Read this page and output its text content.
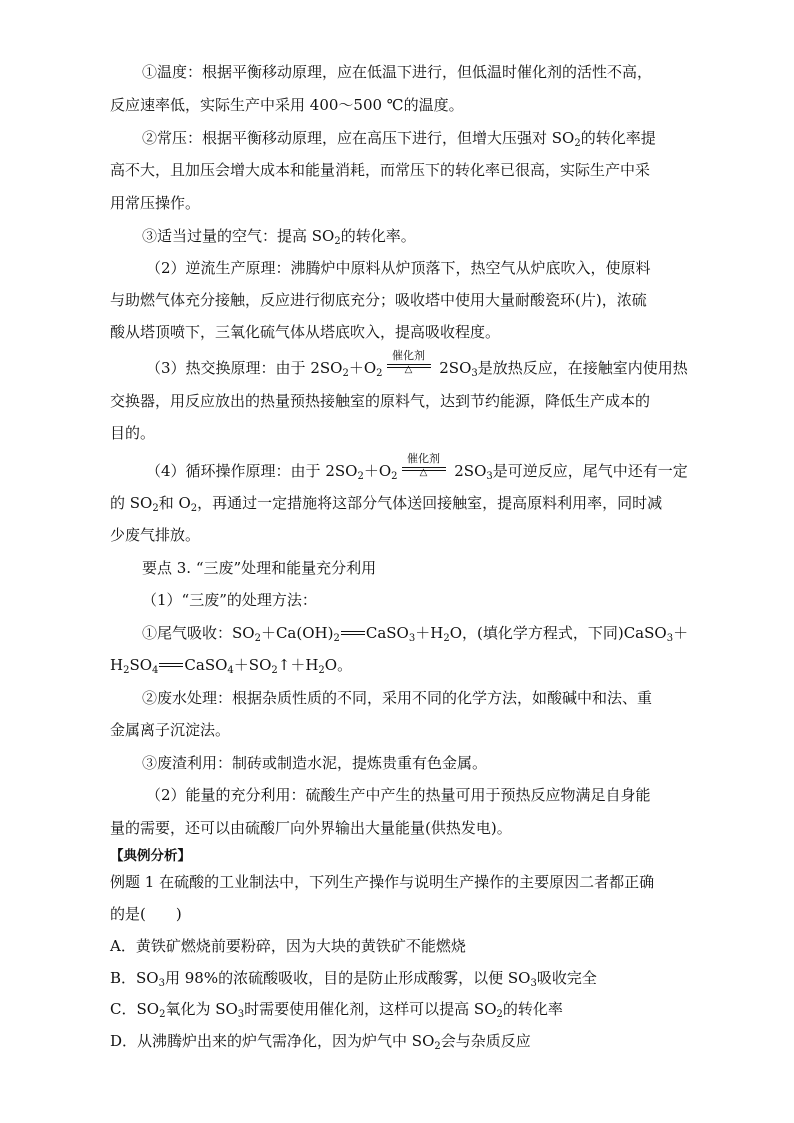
①温度：根据平衡移动原理，应在低温下进行，但低温时催化剂的活性不高，
反应速率低，实际生产中采用 400～500 ℃的温度。
②常压：根据平衡移动原理，应在高压下进行，但增大压强对 $SO_2$的转化率提
高不大，且加压会增大成本和能量消耗，而常压下的转化率已很高，实际生产中采
用常压操作。
③适当过量的空气：提高 $SO_2$的转化率。
（2）逆流生产原理：沸腾炉中原料从炉顶落下，热空气从炉底吹入，使原料
与助燃气体充分接触，反应进行彻底充分；吸收塔中使用大量耐酸瓷环(片)，浓硫
酸从塔顶喷下，三氧化硫气体从塔底吹入，提高吸收程度。
（3）热交换原理：由于 $2SO_2+O_2$
催化剂
△	$2SO_3$是放热反应，在接触室内使用热
交换器，用反应放出的热量预热接触室的原料气，达到节约能源，降低生产成本的
目的。
（4）循环操作原理：由于 $2SO_2+O_2$
催化剂
△	$2SO_3$是可逆反应，尾气中还有一定
的 $SO_2$和 $O_2$，再通过一定措施将这部分气体送回接触室，提高原料利用率，同时减
少废气排放。
要点 3. “三废”处理和能量充分利用
（1）“三废”的处理方法：
①尾气吸收：$SO_2+Ca(OH)_2$ $CaSO_3+H_2O$，(填化学方程式，下同)CaSO$_3$＋
$H_2SO_4$ $CaSO_4+SO_2↑+H_2O$。
②废水处理：根据杂质性质的不同，采用不同的化学方法，如酸碱中和法、重
金属离子沉淀法。
③废渣利用：制砖或制造水泥，提炼贵重有色金属。
（2）能量的充分利用：硫酸生产中产生的热量可用于预热反应物满足自身能
量的需要，还可以由硫酸厂向外界输出大量能量(供热发电)。
【典例分析】
例题 1 在硫酸的工业制法中，下列生产操作与说明生产操作的主要原因二者都正确
的是(　　)
A．黄铁矿燃烧前要粉碎，因为大块的黄铁矿不能燃烧
B．$SO_3$用 98%的浓硫酸吸收，目的是防止形成酸雾，以便 $SO_3$吸收完全
C．$SO_2$氧化为 $SO_3$时需要使用催化剂，这样可以提高 $SO_2$的转化率
D．从沸腾炉出来的炉气需净化，因为炉气中 $SO_2$会与杂质反应
